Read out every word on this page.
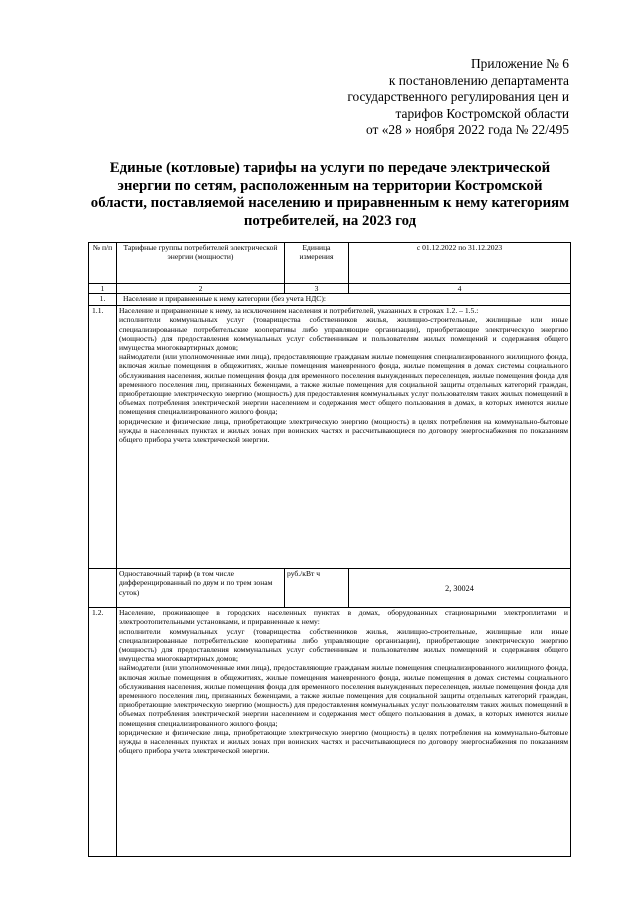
Приложение № 6
к постановлению департамента
государственного регулирования цен и
тарифов Костромской области
от «28 » ноября 2022 года № 22/495
Единые (котловые) тарифы на услуги по передаче электрической энергии по сетям, расположенным на территории Костромской области, поставляемой населению и приравненным к нему категориям потребителей, на 2023 год
№ п/п	Тарифные группы потребителей электрической энергии (мощности)	Единица измерения	с 01.12.2022 по 31.12.2023
1	2	3	4
1.	Население и приравненные к нему категории (без учета НДС):		
1.1.	Население и приравненные к нему, за исключением населения и потребителей, указанных в строках 1.2. – 1.5.:

исполнители коммунальных услуг (товарищества собственников жилья, жилищно-строительные, жилищные или иные специализированные потребительские кооперативы либо управляющие организации), приобретающие электрическую энергию (мощность) для предоставления коммунальных услуг собственникам и пользователям жилых помещений и содержания общего имущества многоквартирных домов;

наймодатели (или уполномоченные ими лица), предоставляющие гражданам жилые помещения специализированного жилищного фонда, включая жилые помещения в общежитиях, жилые помещения маневренного фонда, жилые помещения в домах системы социального обслуживания населения, жилые помещения фонда для временного поселения вынужденных переселенцев, жилые помещения фонда для временного поселения лиц, признанных беженцами, а также жилые помещения для социальной защиты отдельных категорий граждан, приобретающие электрическую энергию (мощность) для предоставления коммунальных услуг пользователям таких жилых помещений в объемах потребления электрической энергии населением и содержания мест общего пользования в домах, в которых имеются жилые помещения специализированного жилого фонда;

юридические и физические лица, приобретающие электрическую энергию (мощность) в целях потребления на коммунально-бытовые нужды в населенных пунктах и жилых зонах при воинских частях и рассчитывающиеся по договору энергоснабжения по показаниям общего прибора учета электрической энергии.		

	Одноставочный тариф (в том числе дифференцированный по двум и по трем зонам суток)	руб./кВт ч	2, 30024
1.2.	Население, проживающее в городских населенных пунктах в домах, оборудованных стационарными электроплитами и электроотопительными установками, и приравненные к нему:

исполнители коммунальных услуг (товарищества собственников жилья, жилищно-строительные, жилищные или иные специализированные потребительские кооперативы либо управляющие организации), приобретающие электрическую энергию (мощность) для предоставления коммунальных услуг собственникам и пользователям жилых помещений и содержания общего имущества многоквартирных домов;

наймодатели (или уполномоченные ими лица), предоставляющие гражданам жилые помещения специализированного жилищного фонда, включая жилые помещения в общежитиях, жилые помещения маневренного фонда, жилые помещения в домах системы социального обслуживания населения, жилые помещения фонда для временного поселения вынужденных переселенцев, жилые помещения фонда для временного поселения лиц, признанных беженцами, а также жилые помещения для социальной защиты отдельных категорий граждан, приобретающие электрическую энергию (мощность) для предоставления коммунальных услуг пользователям таких жилых помещений в объемах потребления электрической энергии населением и содержания мест общего пользования в домах, в которых имеются жилые помещения специализированного жилого фонда;

юридические и физические лица, приобретающие электрическую энергию (мощность) в целях потребления на коммунально-бытовые нужды в населенных пунктах и жилых зонах при воинских частях и рассчитывающиеся по договору энергоснабжения по показаниям общего прибора учета электрической энергии.		
